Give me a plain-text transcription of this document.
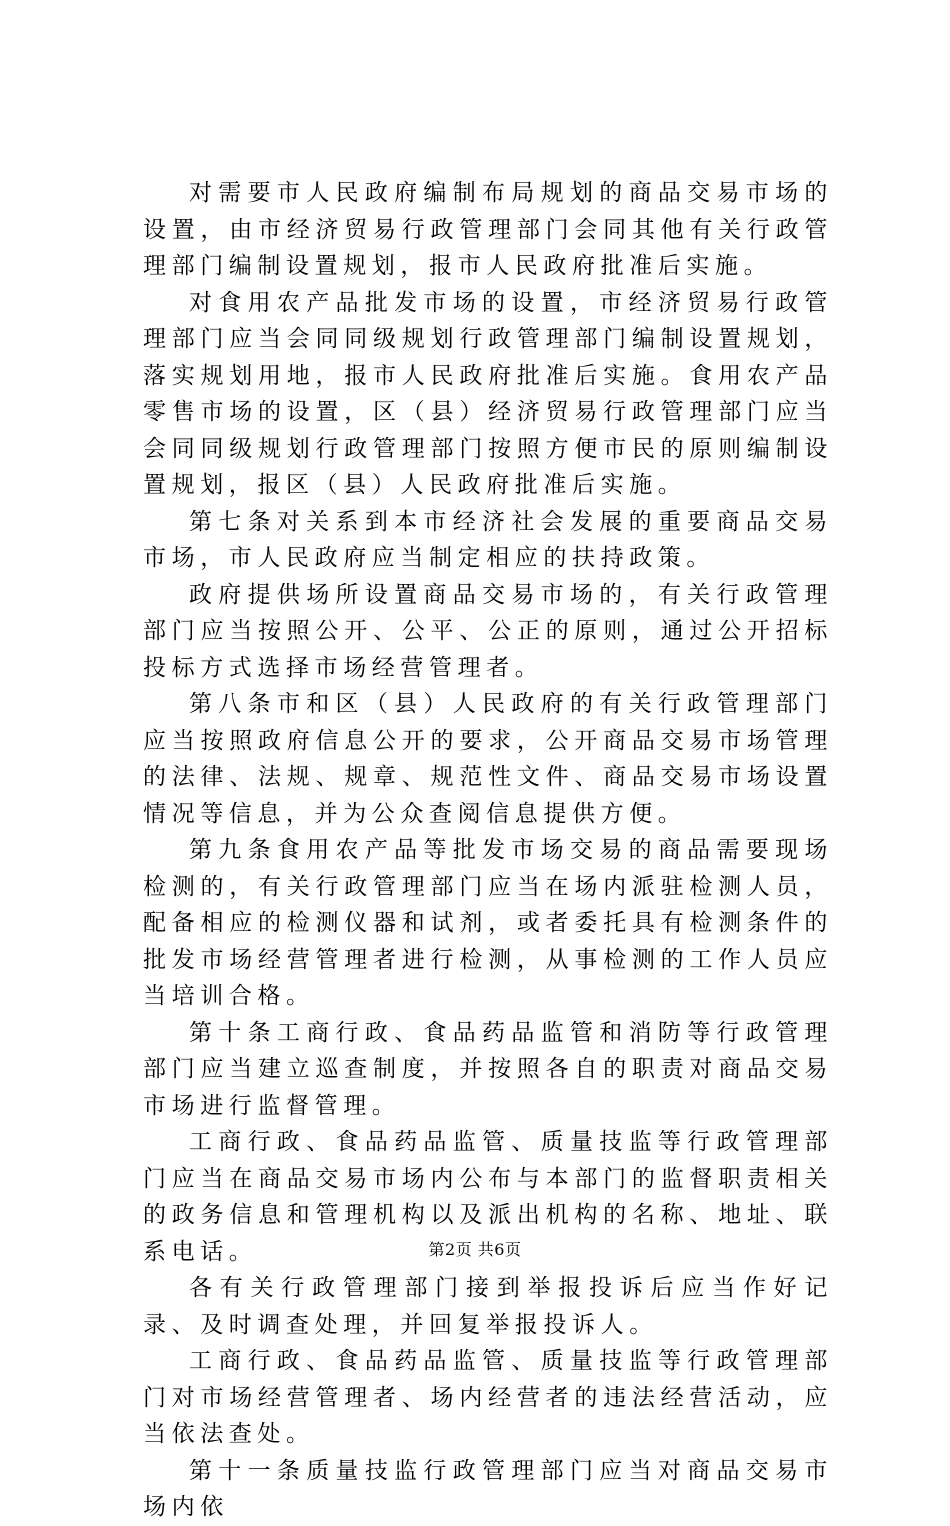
对需要市人民政府编制布局规划的商品交易市场的设置，由市经济贸易行政管理部门会同其他有关行政管理部门编制设置规划，报市人民政府批准后实施。

对食用农产品批发市场的设置，市经济贸易行政管理部门应当会同同级规划行政管理部门编制设置规划，落实规划用地，报市人民政府批准后实施。食用农产品零售市场的设置，区（县）经济贸易行政管理部门应当会同同级规划行政管理部门按照方便市民的原则编制设置规划，报区（县）人民政府批准后实施。

第七条对关系到本市经济社会发展的重要商品交易市场，市人民政府应当制定相应的扶持政策。

政府提供场所设置商品交易市场的，有关行政管理部门应当按照公开、公平、公正的原则，通过公开招标投标方式选择市场经营管理者。

第八条市和区（县）人民政府的有关行政管理部门应当按照政府信息公开的要求，公开商品交易市场管理的法律、法规、规章、规范性文件、商品交易市场设置情况等信息，并为公众查阅信息提供方便。

第九条食用农产品等批发市场交易的商品需要现场检测的，有关行政管理部门应当在场内派驻检测人员，配备相应的检测仪器和试剂，或者委托具有检测条件的批发市场经营管理者进行检测，从事检测的工作人员应当培训合格。

第十条工商行政、食品药品监管和消防等行政管理部门应当建立巡查制度，并按照各自的职责对商品交易市场进行监督管理。

工商行政、食品药品监管、质量技监等行政管理部门应当在商品交易市场内公布与本部门的监督职责相关的政务信息和管理机构以及派出机构的名称、地址、联系电话。

各有关行政管理部门接到举报投诉后应当作好记录、及时调查处理，并回复举报投诉人。

工商行政、食品药品监管、质量技监等行政管理部门对市场经营管理者、场内经营者的违法经营活动，应当依法查处。

第十一条质量技监行政管理部门应当对商品交易市场内依

第2页 共6页
